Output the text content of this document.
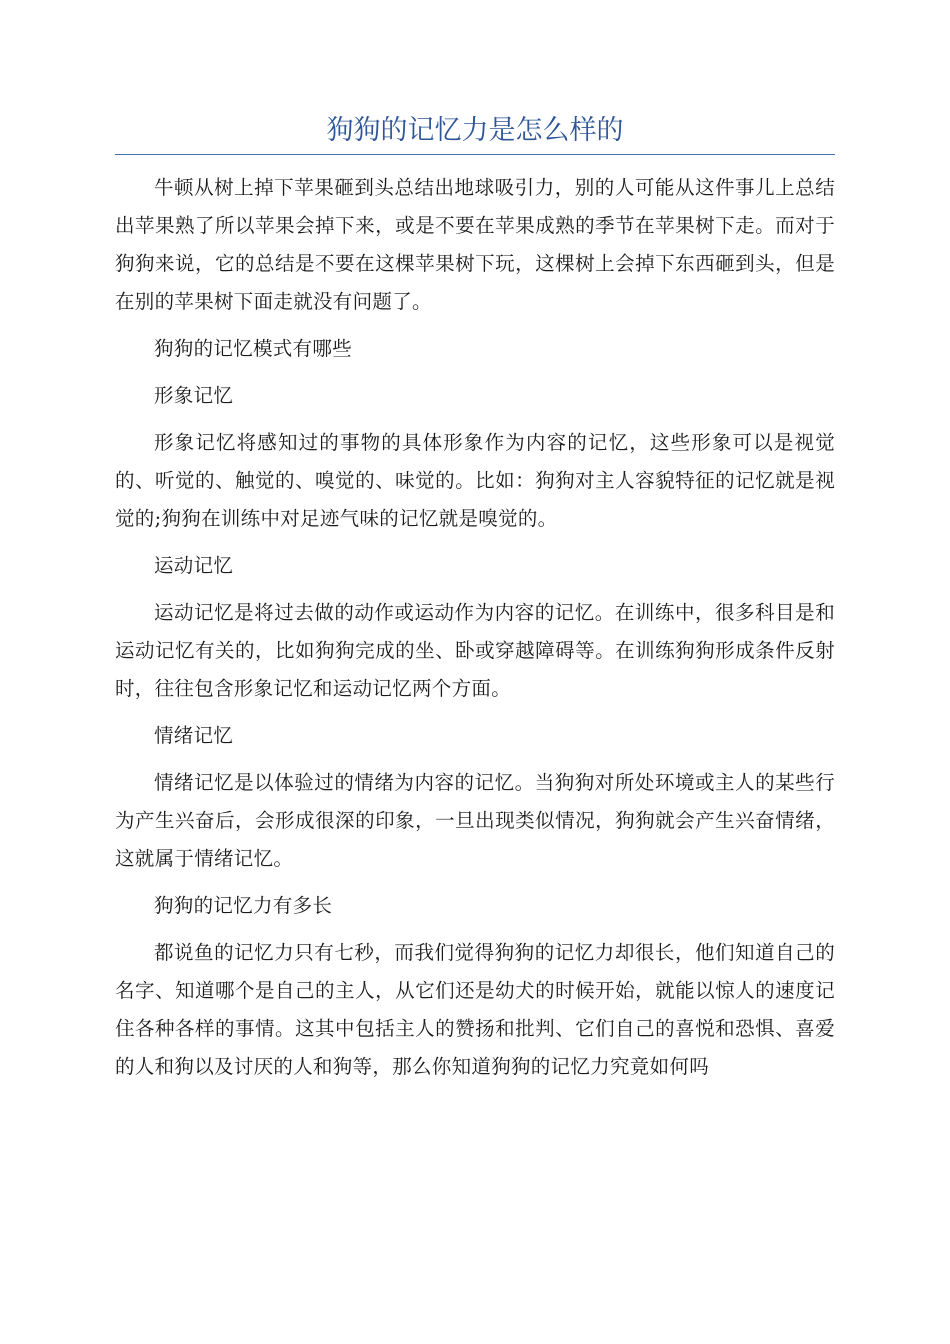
狗狗的记忆力是怎么样的

牛顿从树上掉下苹果砸到头总结出地球吸引力，别的人可能从这件事儿上总结出苹果熟了所以苹果会掉下来，或是不要在苹果成熟的季节在苹果树下走。而对于狗狗来说，它的总结是不要在这棵苹果树下玩，这棵树上会掉下东西砸到头，但是在别的苹果树下面走就没有问题了。

狗狗的记忆模式有哪些

形象记忆

形象记忆将感知过的事物的具体形象作为内容的记忆，这些形象可以是视觉的、听觉的、触觉的、嗅觉的、味觉的。比如：狗狗对主人容貌特征的记忆就是视觉的;狗狗在训练中对足迹气味的记忆就是嗅觉的。

运动记忆

运动记忆是将过去做的动作或运动作为内容的记忆。在训练中，很多科目是和运动记忆有关的，比如狗狗完成的坐、卧或穿越障碍等。在训练狗狗形成条件反射时，往往包含形象记忆和运动记忆两个方面。

情绪记忆

情绪记忆是以体验过的情绪为内容的记忆。当狗狗对所处环境或主人的某些行为产生兴奋后，会形成很深的印象，一旦出现类似情况，狗狗就会产生兴奋情绪，这就属于情绪记忆。

狗狗的记忆力有多长

都说鱼的记忆力只有七秒，而我们觉得狗狗的记忆力却很长，他们知道自己的名字、知道哪个是自己的主人，从它们还是幼犬的时候开始，就能以惊人的速度记住各种各样的事情。这其中包括主人的赞扬和批判、它们自己的喜悦和恐惧、喜爱的人和狗以及讨厌的人和狗等，那么你知道狗狗的记忆力究竟如何吗
